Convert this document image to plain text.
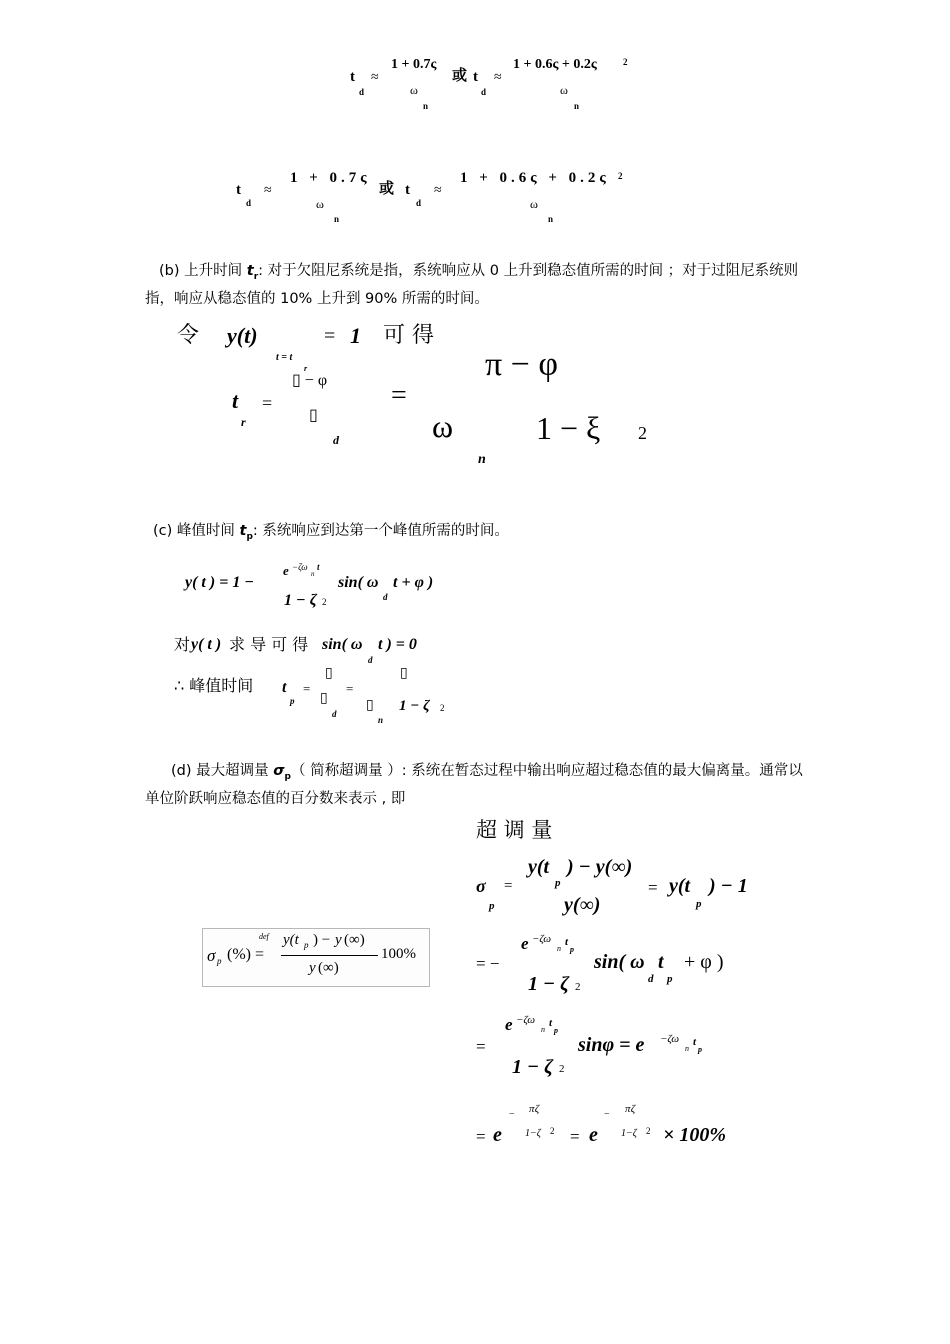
t
d
≈
1 + 0.7ς
ω
n
或 t
d
≈
1 + 0.6ς + 0.2ς	2
ω
n
t
d
≈
1 + 0.7ς
ω
n
或 t
d
≈
1 + 0.6ς + 0.2ς 2
ω
n
(b) 上升时间 $t_r$: 对于欠阻尼系统是指，系统响应从 0 上升到稳态值所需的时间 ；对于过阻尼系统则指，响应从稳态值的 10% 上升到 90% 所需的时间。
令 y(t)
t = t
r
= 1 可 得
t
r
=
▯ − φ
▯
d
=
π − φ
ω
n
1 − ξ 2
(c) 峰值时间 $t_p$: 系统响应到达第一个峰值所需的时间。
y( t ) = 1 −
e −ζω
n
t
1 − ζ 2
sin( ω
d
t + φ )
对 y( t ) 求 导 可 得 sin( ω
d
t ) = 0
∴ 峰值时间 t
p
=
▯
▯
d
=
▯
▯
n
1 − ζ 2
(d) 最大超调量 $\sigma_p$（ 简称超调量 ）: 系统在暂态过程中输出响应超过稳态值的最大偏离量。通常以单位阶跃响应稳态值的百分数来表示 , 即
σ p (%) =
def y(t p ) − y (∞)
y (∞)
100%
超 调 量
σ
p
=
y(t
p
) − y(∞)
y(∞)
= y(t
p
) − 1
= −
e −ζω
n
t
p
1 − ζ 2
sin( ω
d
t
p
+ φ )
=
e −ζω
n
t
p
1 − ζ 2
sinφ = e −ζω
n
t
p
= e
− πζ
1−ζ 2 = e
− πζ
1−ζ 2 × 100%
